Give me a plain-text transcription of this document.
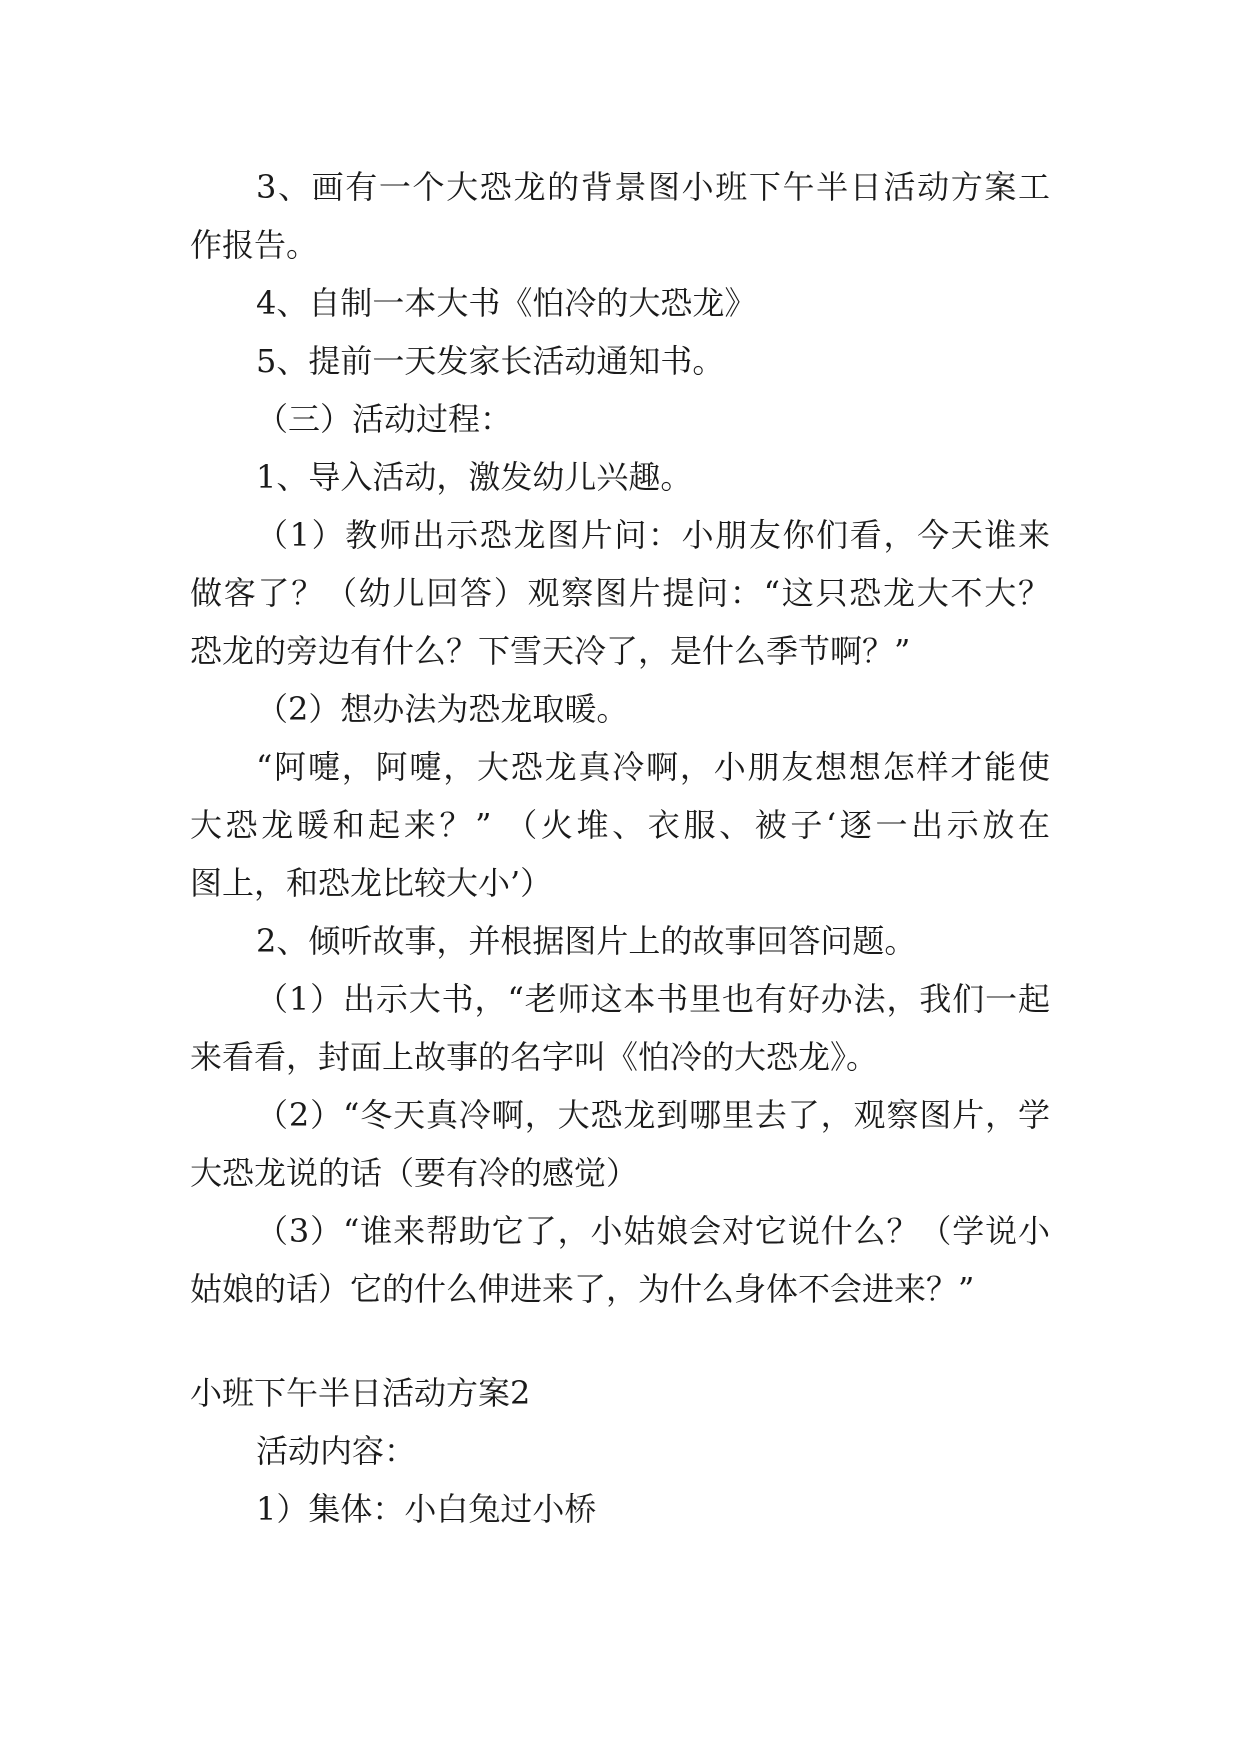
3、画有一个大恐龙的背景图小班下午半日活动方案工
作报告。
4、自制一本大书《怕冷的大恐龙》
5、提前一天发家长活动通知书。
（三）活动过程：
1、导入活动，激发幼儿兴趣。
（1）教师出示恐龙图片问：小朋友你们看，今天谁来
做客了？（幼儿回答）观察图片提问：“这只恐龙大不大？
恐龙的旁边有什么？下雪天冷了，是什么季节啊？”
（2）想办法为恐龙取暖。
“阿嚏，阿嚏，大恐龙真冷啊，小朋友想想怎样才能使
大恐龙暖和起来？” （火堆、衣服、被子‘逐一出示放在
图上，和恐龙比较大小’）
2、倾听故事，并根据图片上的故事回答问题。
（1）出示大书，“老师这本书里也有好办法，我们一起
来看看，封面上故事的名字叫《怕冷的大恐龙》。
（2）“冬天真冷啊，大恐龙到哪里去了，观察图片，学
大恐龙说的话（要有冷的感觉）
（3）“谁来帮助它了，小姑娘会对它说什么？（学说小
姑娘的话）它的什么伸进来了，为什么身体不会进来？”
小班下午半日活动方案2
活动内容：
1）集体：小白兔过小桥
